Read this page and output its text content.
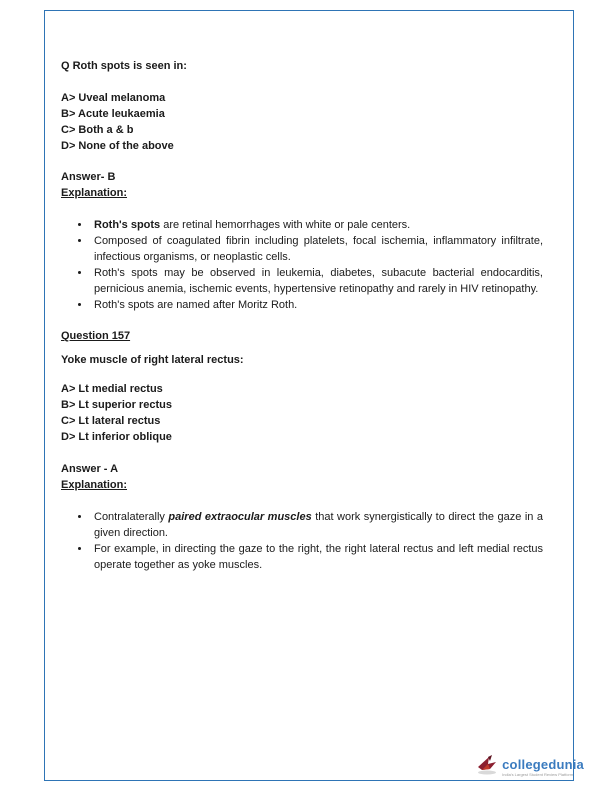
Q Roth spots is seen in:

A> Uveal melanoma

B> Acute leukaemia

C> Both a & b

D> None of the above

Answer- B

Explanation:

• Roth's spots are retinal hemorrhages with white or pale centers.
• Composed of coagulated fibrin including platelets, focal ischemia, inflammatory infiltrate, infectious organisms, or neoplastic cells.
• Roth's spots may be observed in leukemia, diabetes, subacute bacterial endocarditis, pernicious anemia, ischemic events, hypertensive retinopathy and rarely in HIV retinopathy.
• Roth's spots are named after Moritz Roth.

Question 157

Yoke muscle of right lateral rectus:

A> Lt medial rectus

B> Lt superior rectus

C> Lt lateral rectus

D> Lt inferior oblique

Answer - A

Explanation:

• Contralaterally paired extraocular muscles that work synergistically to direct the gaze in a given direction.
• For example, in directing the gaze to the right, the right lateral rectus and left medial rectus operate together as yoke muscles.
collegedunia
India's Largest Student Review Platform
